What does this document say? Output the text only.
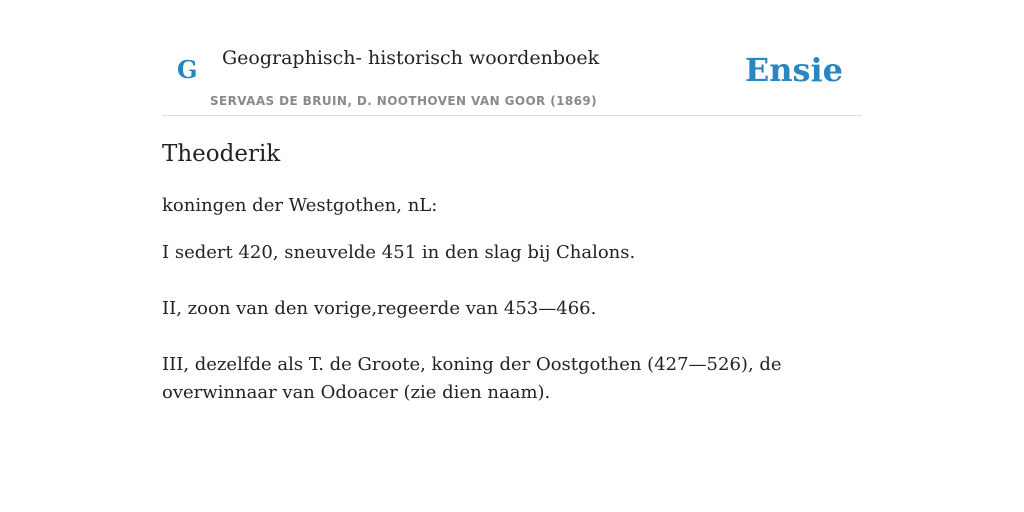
G Geographisch- historisch woordenboek
SERVAAS DE BRUIN, D. NOOTHOVEN VAN GOOR (1869)
Ensie
Theoderik

koningen der Westgothen, nL:

I sedert 420, sneuvelde 451 in den slag bij Chalons.

II, zoon van den vorige,regeerde van 453—466.

III, dezelfde als T. de Groote, koning der Oostgothen (427—526), de overwinnaar van Odoacer (zie dien naam).
